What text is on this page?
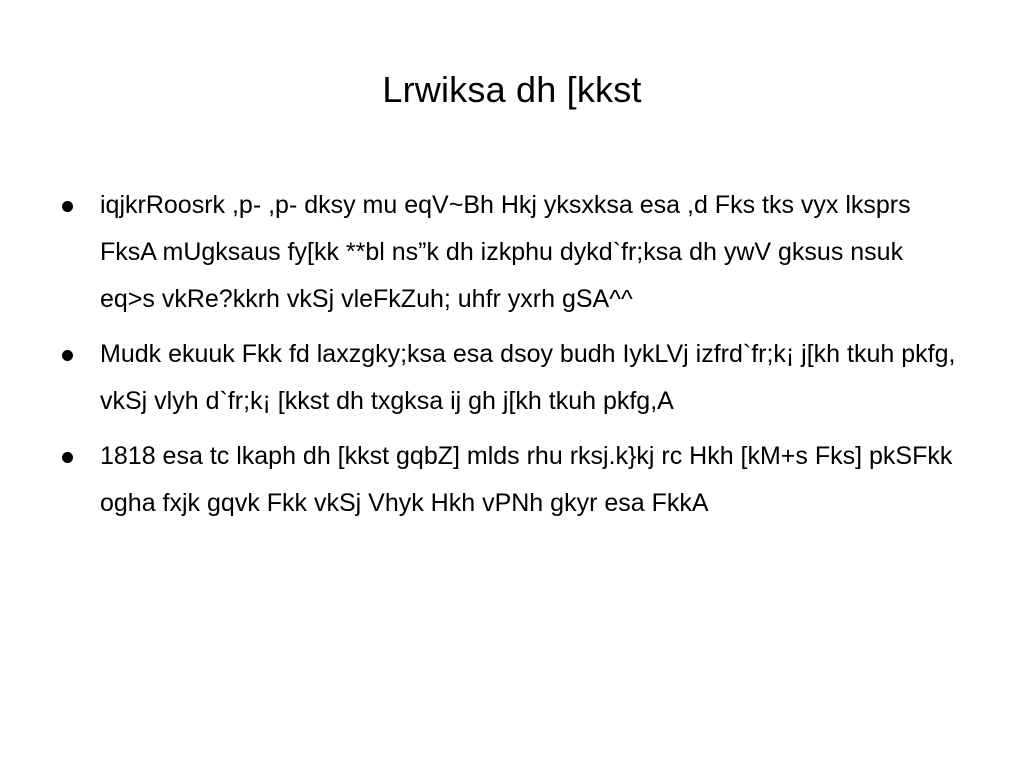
Lrwiksa dh [kkst
iqjkrRoosrk ,p- ,p- dksy mu eqV~Bh Hkj yksxksa esa ,d Fks tks vyx lksprs FksA mUgksaus fy[kk **bl ns”k dh izkphu dykd`fr;ksa dh ywV gksus nsuk eq>s vkRe?kkrh vkSj vleFkZuh; uhfr yxrh gSA^^
Mudk ekuuk Fkk fd laxzgky;ksa esa dsoy budh IykLVj izfrd`fr;k¡ j[kh tkuh pkfg, vkSj vlyh d`fr;k¡ [kkst dh txgksa ij gh j[kh tkuh pkfg,A
1818 esa tc lkaph dh [kkst gqbZ] mlds rhu rksj.k}kj rc Hkh [kM+s Fks] pkSFkk ogha fxjk gqvk Fkk vkSj Vhyk Hkh vPNh gkyr esa FkkA
